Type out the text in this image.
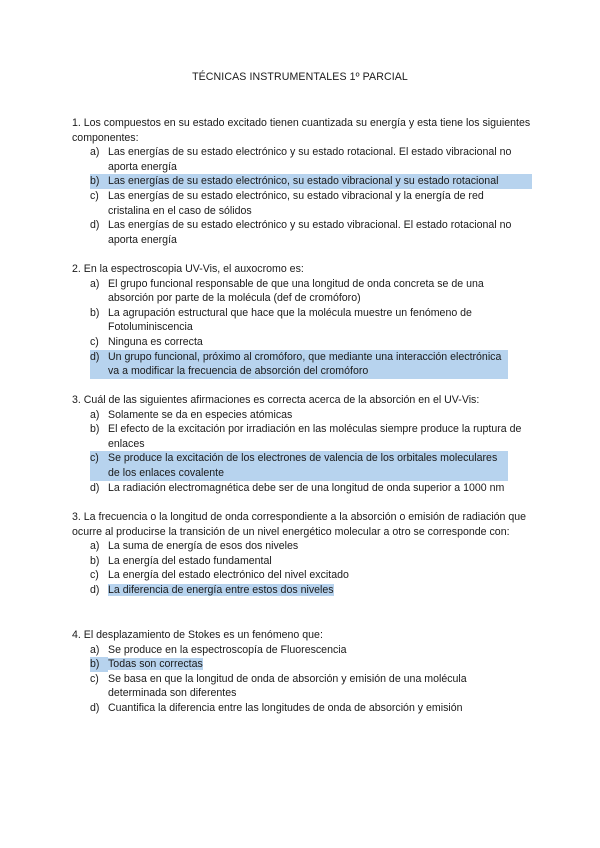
TÉCNICAS INSTRUMENTALES 1º PARCIAL

1. Los compuestos en su estado excitado tienen cuantizada su energía y esta tiene los siguientes componentes:

a) Las energías de su estado electrónico y su estado rotacional. El estado vibracional no aporta energía
b) Las energías de su estado electrónico, su estado vibracional y su estado rotacional
c) Las energías de su estado electrónico, su estado vibracional y la energía de red cristalina en el caso de sólidos
d) Las energías de su estado electrónico y su estado vibracional. El estado rotacional no aporta energía

2. En la espectroscopia UV-Vis, el auxocromo es:

a) El grupo funcional responsable de que una longitud de onda concreta se de una absorción por parte de la molécula (def de cromóforo)
b) La agrupación estructural que hace que la molécula muestre un fenómeno de Fotoluminiscencia
c) Ninguna es correcta
d) Un grupo funcional, próximo al cromóforo, que mediante una interacción electrónica va a modificar la frecuencia de absorción del cromóforo

3. Cuál de las siguientes afirmaciones es correcta acerca de la absorción en el UV-Vis:

a) Solamente se da en especies atómicas
b) El efecto de la excitación por irradiación en las moléculas siempre produce la ruptura de enlaces
c) Se produce la excitación de los electrones de valencia de los orbitales moleculares de los enlaces covalente
d) La radiación electromagnética debe ser de una longitud de onda superior a 1000 nm

3. La frecuencia o la longitud de onda correspondiente a la absorción o emisión de radiación que ocurre al producirse la transición de un nivel energético molecular a otro se corresponde con:

a) La suma de energía de esos dos niveles
b) La energía del estado fundamental
c) La energía del estado electrónico del nivel excitado
d) La diferencia de energía entre estos dos niveles

4. El desplazamiento de Stokes es un fenómeno que:

a) Se produce en la espectroscopía de Fluorescencia
b) Todas son correctas
c) Se basa en que la longitud de onda de absorción y emisión de una molécula determinada son diferentes
d) Cuantifica la diferencia entre las longitudes de onda de absorción y emisión
